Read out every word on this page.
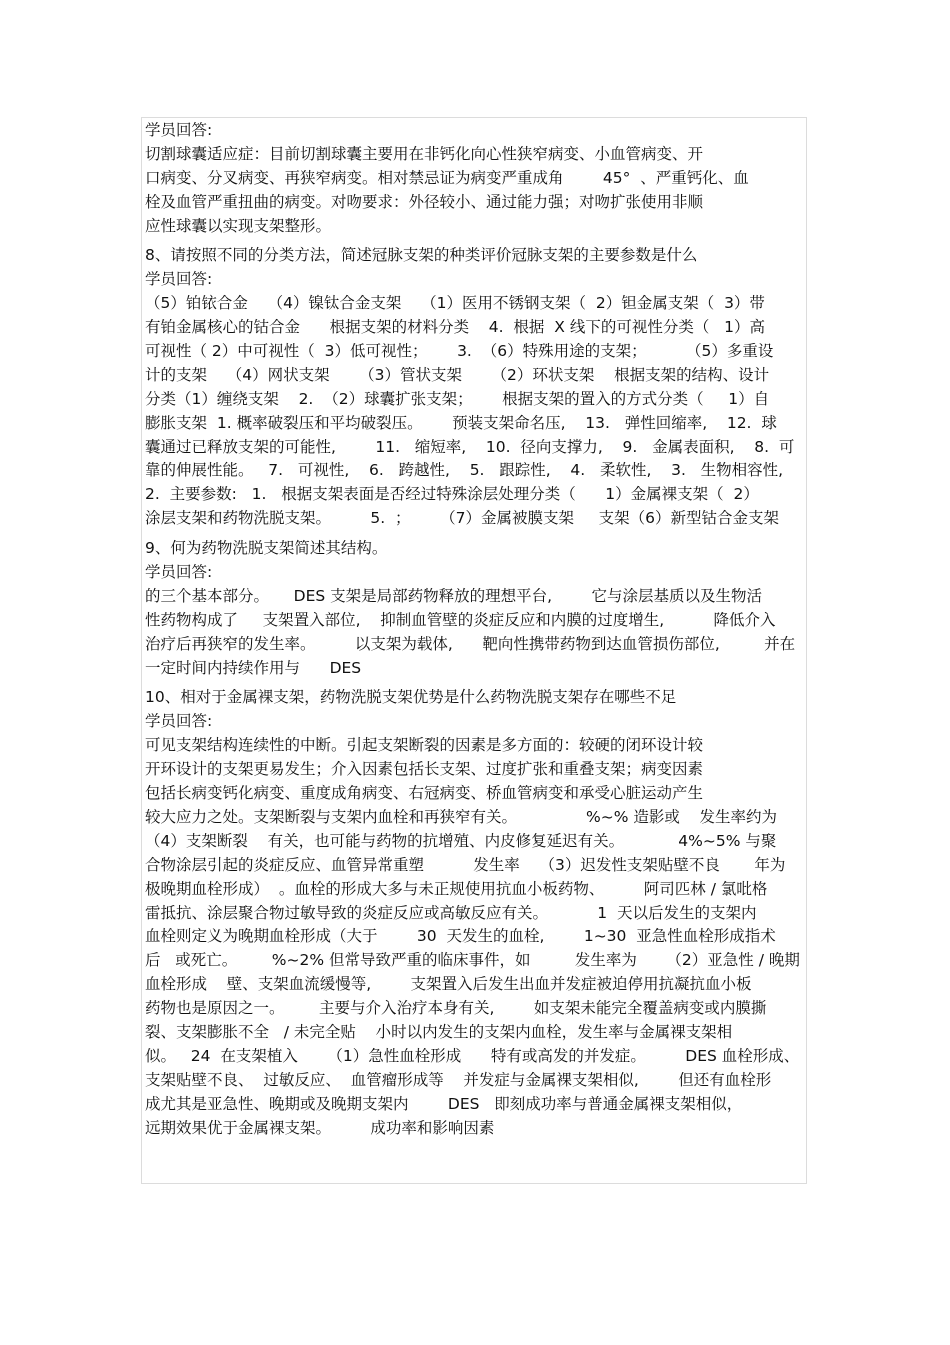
学员回答:
切割球囊适应症：目前切割球囊主要用在非钙化向心性狭窄病变、小血管病变、开
口病变、分叉病变、再狭窄病变。相对禁忌证为病变严重成角        45°  、严重钙化、血
栓及血管严重扭曲的病变。对吻要求：外径较小、通过能力强；对吻扩张使用非顺
应性球囊以实现支架整形。
8、请按照不同的分类方法，简述冠脉支架的种类评价冠脉支架的主要参数是什么
学员回答:
（5）铂铱合金    （4）镍钛合金支架    （1）医用不锈钢支架（  2）钽金属支架（  3）带
有铂金属核心的钴合金      根据支架的材料分类    4.  根据  X 线下的可视性分类（   1）高
可视性（ 2）中可视性（  3）低可视性；      3.  （6）特殊用途的支架；        （5）多重设
计的支架    （4）网状支架      （3）管状支架      （2）环状支架    根据支架的结构、设计
分类（1）缠绕支架    2.  （2）球囊扩张支架；      根据支架的置入的方式分类（     1）自
膨胀支架  1. 概率破裂压和平均破裂压。      预装支架命名压,    13.   弹性回缩率,    12.  球
囊通过已释放支架的可能性,        11.   缩短率,    10.  径向支撑力,    9.   金属表面积,    8.  可
靠的伸展性能。   7.   可视性,    6.   跨越性,    5.   跟踪性,    4.   柔软性,    3.   生物相容性,
2.  主要参数:   1.   根据支架表面是否经过特殊涂层处理分类（      1）金属裸支架（  2）
涂层支架和药物洗脱支架。        5.  ；      （7）金属被膜支架     支架（6）新型钴合金支架
9、何为药物洗脱支架简述其结构。
学员回答:
的三个基本部分。     DES 支架是局部药物释放的理想平台,        它与涂层基质以及生物活
性药物构成了     支架置入部位,    抑制血管壁的炎症反应和内膜的过度增生,          降低介入
治疗后再狭窄的发生率。        以支架为载体,      靶向性携带药物到达血管损伤部位,         并在
一定时间内持续作用与      DES
10、相对于金属裸支架，药物洗脱支架优势是什么药物洗脱支架存在哪些不足
学员回答:
可见支架结构连续性的中断。引起支架断裂的因素是多方面的：较硬的闭环设计较
开环设计的支架更易发生；介入因素包括长支架、过度扩张和重叠支架；病变因素
包括长病变钙化病变、重度成角病变、右冠病变、桥血管病变和承受心脏运动产生
较大应力之处。支架断裂与支架内血栓和再狭窄有关。              %~% 造影或    发生率约为
（4）支架断裂    有关，也可能与药物的抗增殖、内皮修复延迟有关。           4%~5% 与聚
合物涂层引起的炎症反应、血管异常重塑          发生率    （3）迟发性支架贴壁不良       年为
极晚期血栓形成）  。血栓的形成大多与未正规使用抗血小板药物、        阿司匹林 / 氯吡格
雷抵抗、涂层聚合物过敏导致的炎症反应或高敏反应有关。          1  天以后发生的支架内
血栓则定义为晚期血栓形成（大于        30  天发生的血栓,        1~30  亚急性血栓形成指术
后   或死亡。       %~2% 但常导致严重的临床事件，如         发生率为      （2）亚急性 / 晚期
血栓形成    壁、支架血流缓慢等,        支架置入后发生出血并发症被迫停用抗凝抗血小板
药物也是原因之一。       主要与介入治疗本身有关,        如支架未能完全覆盖病变或内膜撕
裂、支架膨胀不全   / 未完全贴    小时以内发生的支架内血栓，发生率与金属裸支架相
似。   24  在支架植入      （1）急性血栓形成      特有或高发的并发症。        DES 血栓形成、
支架贴壁不良、  过敏反应、  血管瘤形成等    并发症与金属裸支架相似,        但还有血栓形
成尤其是亚急性、晚期或及晚期支架内        DES   即刻成功率与普通金属裸支架相似，
远期效果优于金属裸支架。        成功率和影响因素
